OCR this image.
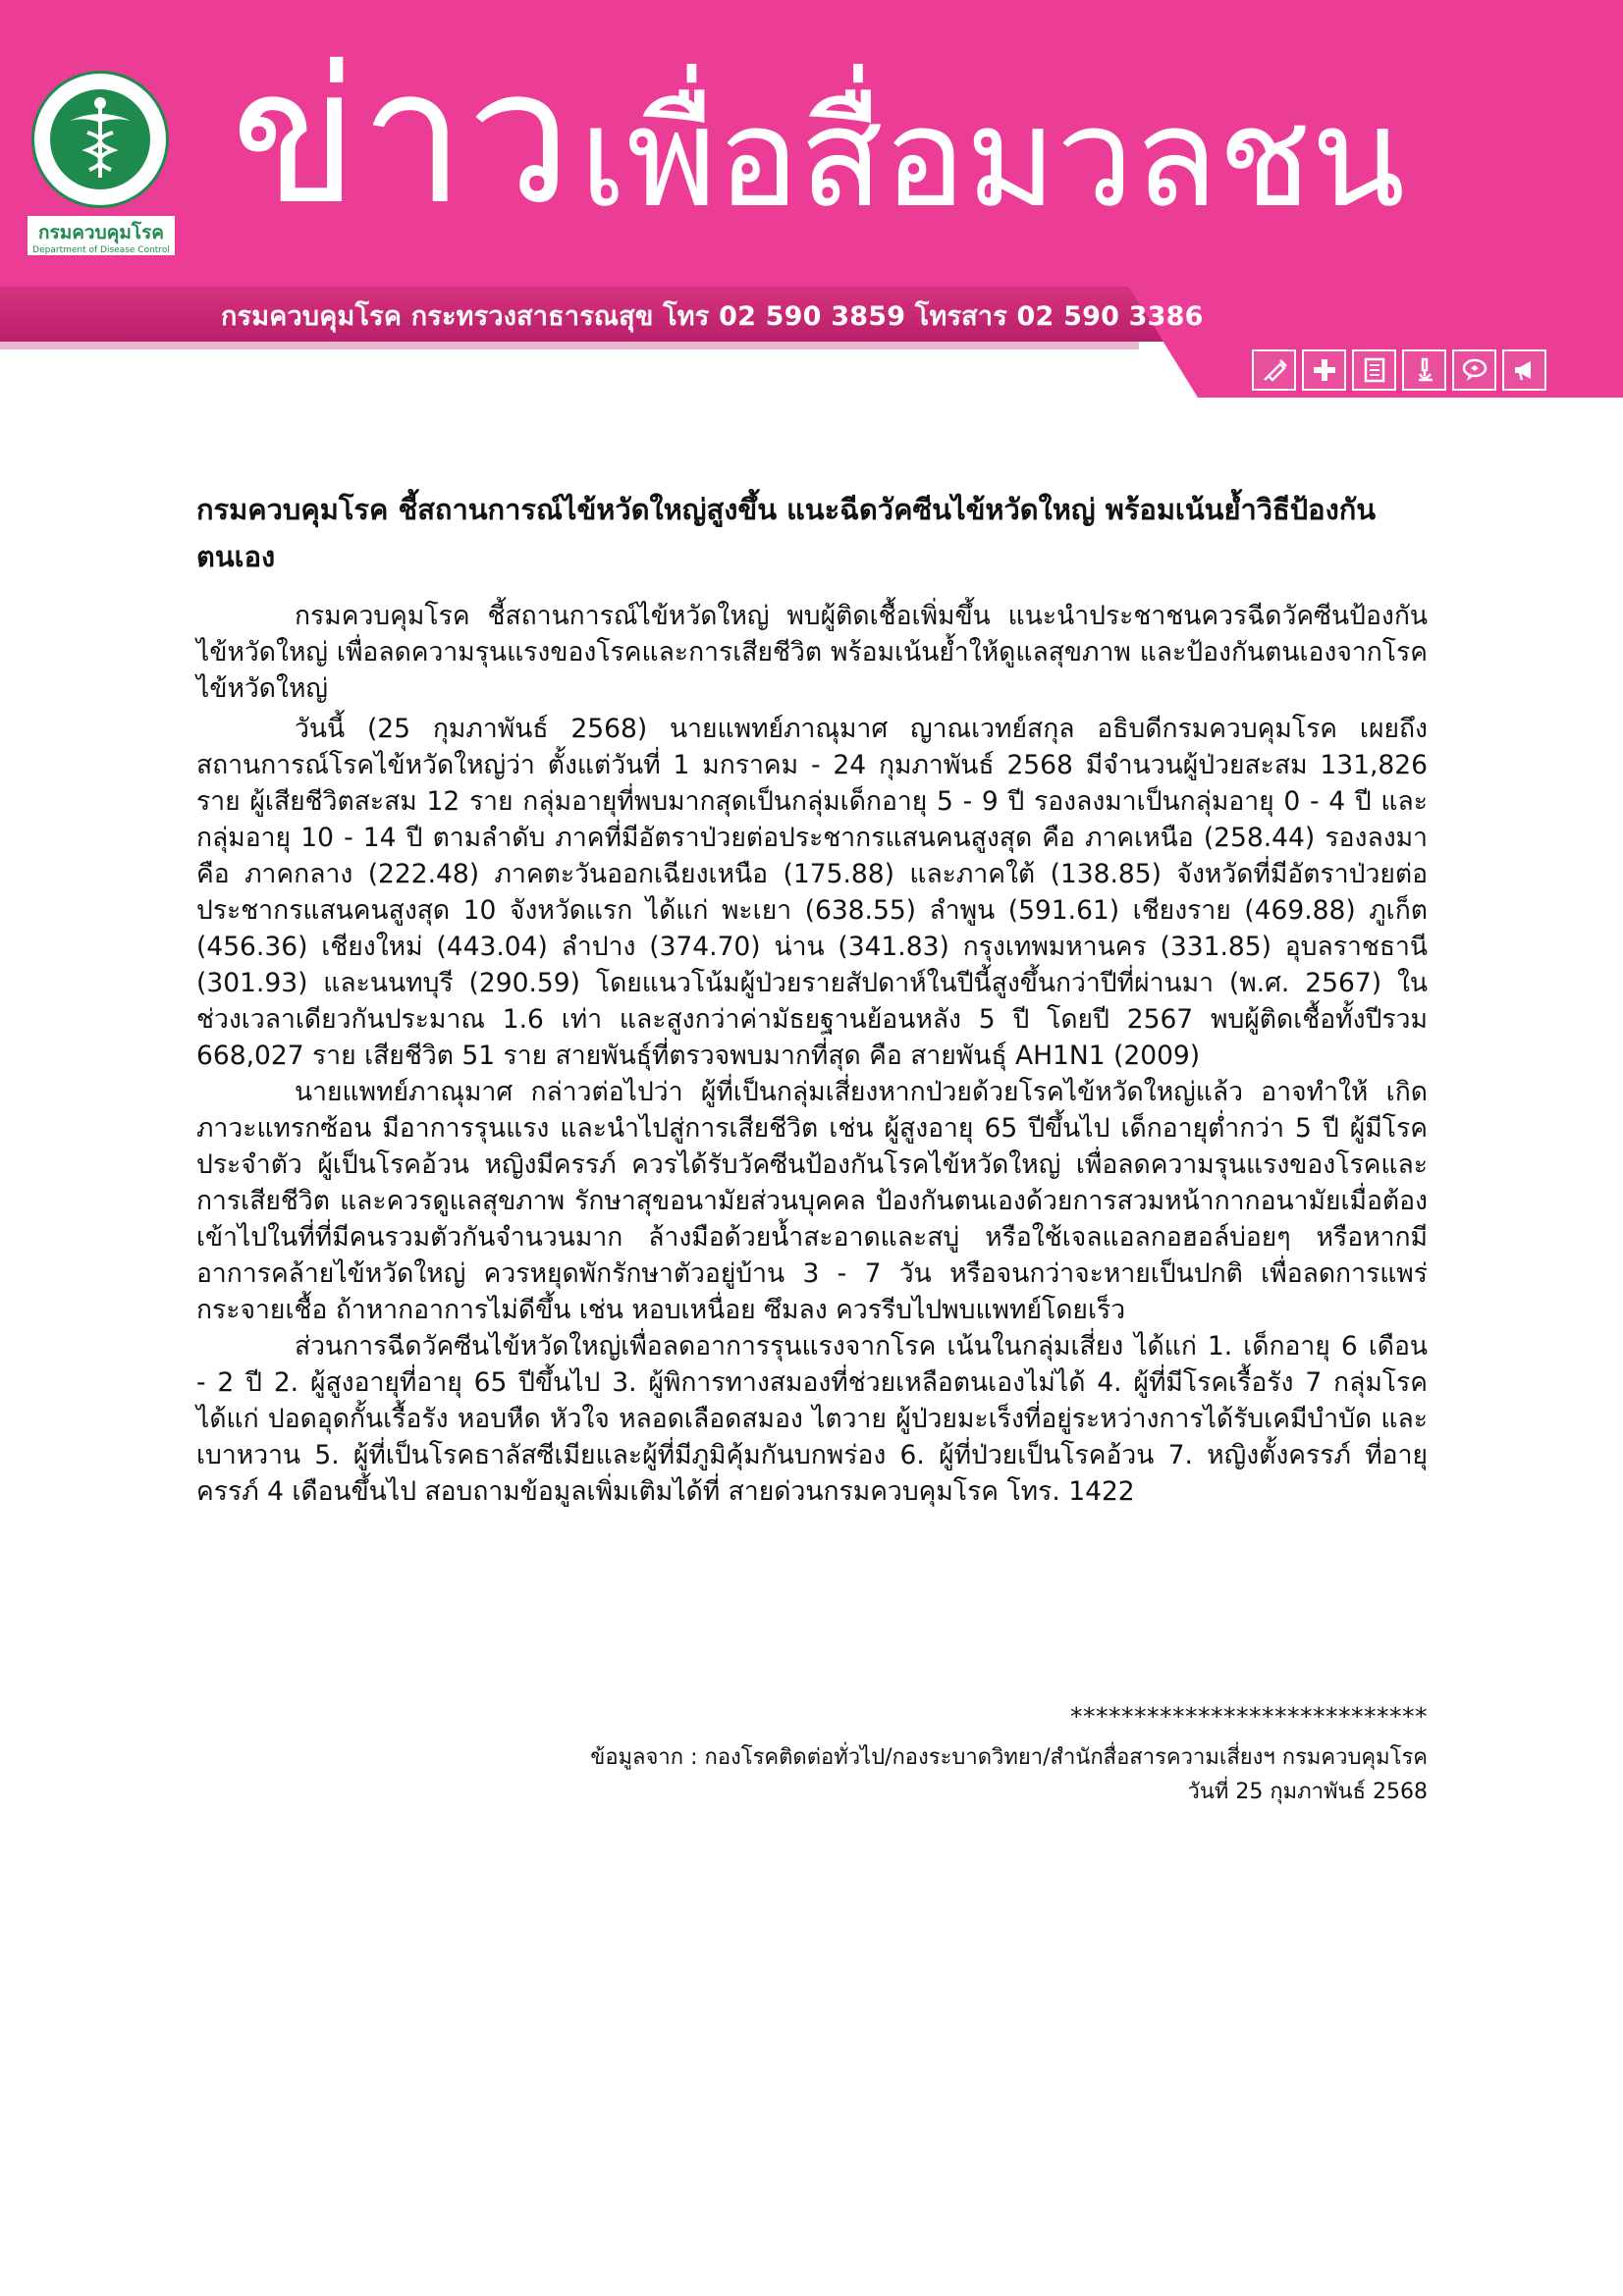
กรมควบคุมโรค
Department of Disease Control
ข่าว เพื่อสื่อมวลชน
กรมควบคุมโรค กระทรวงสาธารณสุข โทร 02 590 3859 โทรสาร 02 590 3386
กรมควบคุมโรค ชี้สถานการณ์ไข้หวัดใหญ่สูงขึ้น แนะฉีดวัคซีนไข้หวัดใหญ่ พร้อมเน้นย้ำวิธีป้องกันตนเอง

กรมควบคุมโรค ชี้สถานการณ์ไข้หวัดใหญ่ พบผู้ติดเชื้อเพิ่มขึ้น แนะนำประชาชนควรฉีดวัคซีนป้องกันไข้หวัดใหญ่ เพื่อลดความรุนแรงของโรคและการเสียชีวิต พร้อมเน้นย้ำให้ดูแลสุขภาพ และป้องกันตนเองจากโรคไข้หวัดใหญ่

วันนี้ (25 กุมภาพันธ์ 2568) นายแพทย์ภาณุมาศ ญาณเวทย์สกุล อธิบดีกรมควบคุมโรค เผยถึงสถานการณ์โรคไข้หวัดใหญ่ว่า ตั้งแต่วันที่ 1 มกราคม - 24 กุมภาพันธ์ 2568 มีจำนวนผู้ป่วยสะสม 131,826 ราย ผู้เสียชีวิตสะสม 12 ราย กลุ่มอายุที่พบมากสุดเป็นกลุ่มเด็กอายุ 5 - 9 ปี รองลงมาเป็นกลุ่มอายุ 0 - 4 ปี และกลุ่มอายุ 10 - 14 ปี ตามลำดับ ภาคที่มีอัตราป่วยต่อประชากรแสนคนสูงสุด คือ ภาคเหนือ (258.44) รองลงมา คือ ภาคกลาง (222.48) ภาคตะวันออกเฉียงเหนือ (175.88) และภาคใต้ (138.85) จังหวัดที่มีอัตราป่วยต่อประชากรแสนคนสูงสุด 10 จังหวัดแรก ได้แก่ พะเยา (638.55) ลำพูน (591.61) เชียงราย (469.88) ภูเก็ต (456.36) เชียงใหม่ (443.04) ลำปาง (374.70) น่าน (341.83) กรุงเทพมหานคร (331.85) อุบลราชธานี (301.93) และนนทบุรี (290.59) โดยแนวโน้มผู้ป่วยรายสัปดาห์ในปีนี้สูงขึ้นกว่าปีที่ผ่านมา (พ.ศ. 2567) ในช่วงเวลาเดียวกันประมาณ 1.6 เท่า และสูงกว่าค่ามัธยฐานย้อนหลัง 5 ปี โดยปี 2567 พบผู้ติดเชื้อทั้งปีรวม 668,027 ราย เสียชีวิต 51 ราย สายพันธุ์ที่ตรวจพบมากที่สุด คือ สายพันธุ์ AH1N1 (2009)

นายแพทย์ภาณุมาศ กล่าวต่อไปว่า ผู้ที่เป็นกลุ่มเสี่ยงหากป่วยด้วยโรคไข้หวัดใหญ่แล้ว อาจทำให้ เกิดภาวะแทรกซ้อน มีอาการรุนแรง และนำไปสู่การเสียชีวิต เช่น ผู้สูงอายุ 65 ปีขึ้นไป เด็กอายุต่ำกว่า 5 ปี ผู้มีโรคประจำตัว ผู้เป็นโรคอ้วน หญิงมีครรภ์ ควรได้รับวัคซีนป้องกันโรคไข้หวัดใหญ่ เพื่อลดความรุนแรงของโรคและการเสียชีวิต และควรดูแลสุขภาพ รักษาสุขอนามัยส่วนบุคคล ป้องกันตนเองด้วยการสวมหน้ากากอนามัยเมื่อต้องเข้าไปในที่ที่มีคนรวมตัวกันจำนวนมาก ล้างมือด้วยน้ำสะอาดและสบู่ หรือใช้เจลแอลกอฮอล์บ่อยๆ หรือหากมีอาการคล้ายไข้หวัดใหญ่ ควรหยุดพักรักษาตัวอยู่บ้าน 3 - 7 วัน หรือจนกว่าจะหายเป็นปกติ เพื่อลดการแพร่กระจายเชื้อ ถ้าหากอาการไม่ดีขึ้น เช่น หอบเหนื่อย ซึมลง ควรรีบไปพบแพทย์โดยเร็ว

ส่วนการฉีดวัคซีนไข้หวัดใหญ่เพื่อลดอาการรุนแรงจากโรค เน้นในกลุ่มเสี่ยง ได้แก่ 1. เด็กอายุ 6 เดือน - 2 ปี 2. ผู้สูงอายุที่อายุ 65 ปีขึ้นไป 3. ผู้พิการทางสมองที่ช่วยเหลือตนเองไม่ได้ 4. ผู้ที่มีโรคเรื้อรัง 7 กลุ่มโรค ได้แก่ ปอดอุดกั้นเรื้อรัง หอบหืด หัวใจ หลอดเลือดสมอง ไตวาย ผู้ป่วยมะเร็งที่อยู่ระหว่างการได้รับเคมีบำบัด และเบาหวาน 5. ผู้ที่เป็นโรคธาลัสซีเมียและผู้ที่มีภูมิคุ้มกันบกพร่อง 6. ผู้ที่ป่วยเป็นโรคอ้วน 7. หญิงตั้งครรภ์ ที่อายุครรภ์ 4 เดือนขึ้นไป สอบถามข้อมูลเพิ่มเติมได้ที่ สายด่วนกรมควบคุมโรค โทร. 1422

****************************
ข้อมูลจาก : กองโรคติดต่อทั่วไป/กองระบาดวิทยา/สำนักสื่อสารความเสี่ยงฯ กรมควบคุมโรค
วันที่ 25 กุมภาพันธ์ 2568
